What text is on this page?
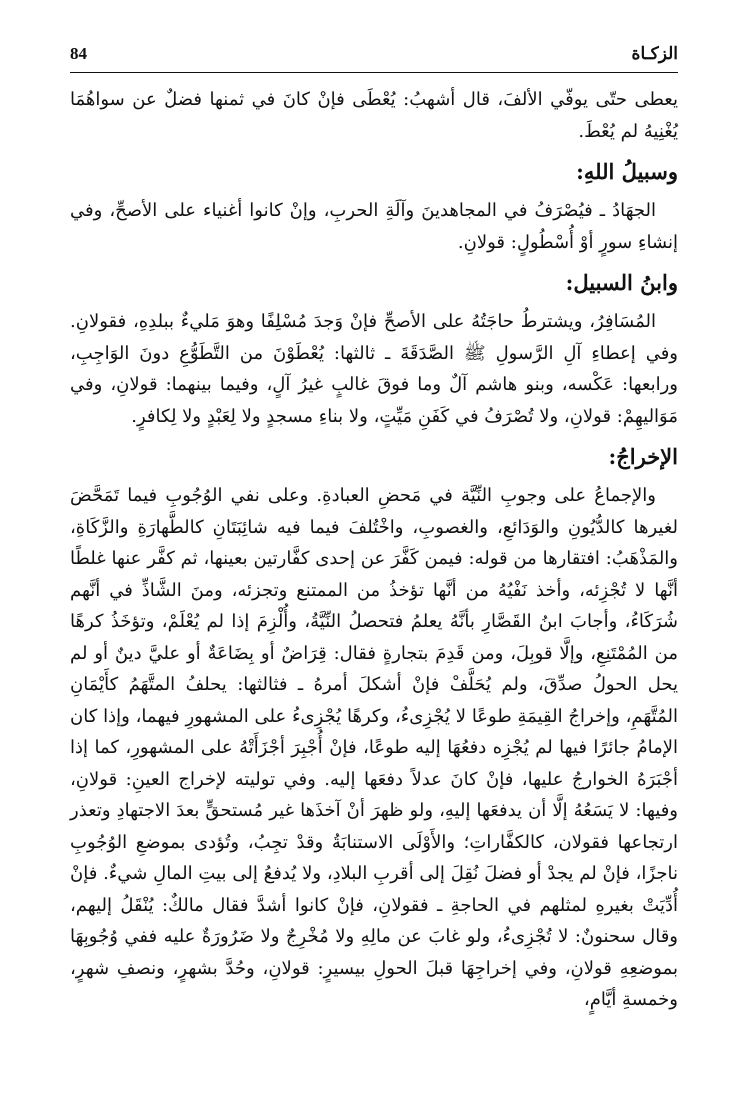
الزكـاة
84

يعطى حتّى يوفّي الألفَ، قال أشهبُ: يُعْطَى فإنْ كانَ في ثمنها فضلٌ عن سواهُمَا يُغْنِيهُ لم يُعْطَ.

وسبيلُ اللهِ:

الجهَادُ ـ فيُصْرَفُ في المجاهدينَ وآلَةِ الحربِ، وإنْ كانوا أغنياء على الأصحِّ، وفي إنشاءِ سورٍ أوْ أُسْطُولٍ: قولانِ.

وابنُ السبيل:

المُسَافِرُ، ويشترطُ حاجَتُهُ على الأصحِّ فإنْ وَجدَ مُسْلِفًا وهوَ مَليءٌ ببلدِهِ، فقولانِ. وفي إعطاءِ آلِ الرَّسولِ ﷺ الصَّدَقَةَ ـ ثالثها: يُعْطَوْنَ من التَّطَوُّعِ دونَ الوَاجِبِ، ورابعها: عَكْسه، وبنو هاشم آلٌ وما فوقَ غالبٍ غيرُ آلٍ، وفيما بينهما: قولانِ، وفي مَوَاليهِمْ: قولانِ، ولا تُصْرَفُ في كَفَنِ مَيِّتٍ، ولا بناءِ مسجدٍ ولا لِعَبْدٍ ولا لِكافرٍ.

الإخراجُ:

والإجماعُ على وجوبِ النِّيَّة في مَحضِ العبادةِ. وعلى نفي الوُجُوبِ فيما تَمَحَّضَ لغيرها كالدُّيُونِ والوَدَائعِ، والغصوبِ، واخْتُلفَ فيما فيه شائِبَتَانِ كالطَّهارَةِ والزَّكَاةِ، والمَذْهَبُ: افتقارها من قوله: فيمن كَفَّرَ عن إحدى كفَّارتين بعينها، ثم كفَّر عنها غلطًا أنَّها لا تُجْزِئه، وأخذ نَفْيُهُ من أنَّها تؤخذُ من الممتنع وتجزئه، ومنَ الشَّاذِّ في أنَّهم شُرَكَاءُ، وأجابَ ابنُ القَصَّارِ بأنَّهُ يعلمُ فتحصلُ النِّيَّةُ، وأُلْزِمَ إذا لم يُعْلَمْ، وتؤخَذُ كرهًا من المُمْتَنِعِ، وإلَّا قوبِلَ، ومن قَدِمَ بتجارةٍ فقال: قِرَاضٌ أو بِضَاعَةٌ أو عليَّ دينٌ أو لم يحل الحولُ صدِّقَ، ولم يُحَلَّفْ فإنْ أشكلَ أمرهُ ـ فثالثها: يحلفُ المتَّهَمُ كأَيْمَانِ المُتَّهَمِ، وإخراجُ القِيمَةِ طوعًا لا يُجْزِىءُ، وكرهًا يُجْزِىءُ على المشهورِ فيهما، وإذا كان الإمامُ جائرًا فيها لم يُجْزِه دفعُهَا إليه طوعًا، فإنْ أُجْبِرَ أجْزَأَتْهُ على المشهورِ، كما إذا أجْبَرَهُ الخوارجُ عليها، فإنْ كانَ عدلاً دفعَها إليه. وفي توليته لإخراج العينِ: قولانِ، وفيها: لا يَسَعُهُ إلَّا أن يدفعَها إليهِ، ولو ظهرَ أنْ آخذَها غير مُستحقٍّ بعدَ الاجتهادِ وتعذر ارتجاعها فقولان، كالكفَّاراتِ؛ والأَوْلَى الاستنابَةُ وقدْ تجِبُ، وتُؤدى بموضعِ الوُجُوبِ ناجزًا، فإنْ لم يجدْ أو فضلَ نُقِلَ إلى أقربِ البلادِ، ولا يُدفعُ إلى بيتِ المالِ شيءٌ. فإنْ أُدِّيَتْ بغيرهِ لمثلهم في الحاجةِ ـ فقولانِ، فإنْ كانوا أشدَّ فقال مالكٌ: يُنْقَلُ إليهم، وقال سحنونٌ: لا تُجْزِىءُ، ولو غابَ عن مالِهِ ولا مُخْرِجٌ ولا ضَرُورَةٌ عليه ففي وُجُوبِهَا بموضعِهِ قولانِ، وفي إخراجِهَا قبلَ الحولِ بيسيرٍ: قولانِ، وحُدَّ بشهرٍ، ونصفِ شهرٍ، وخمسةِ أيَّامٍ،
